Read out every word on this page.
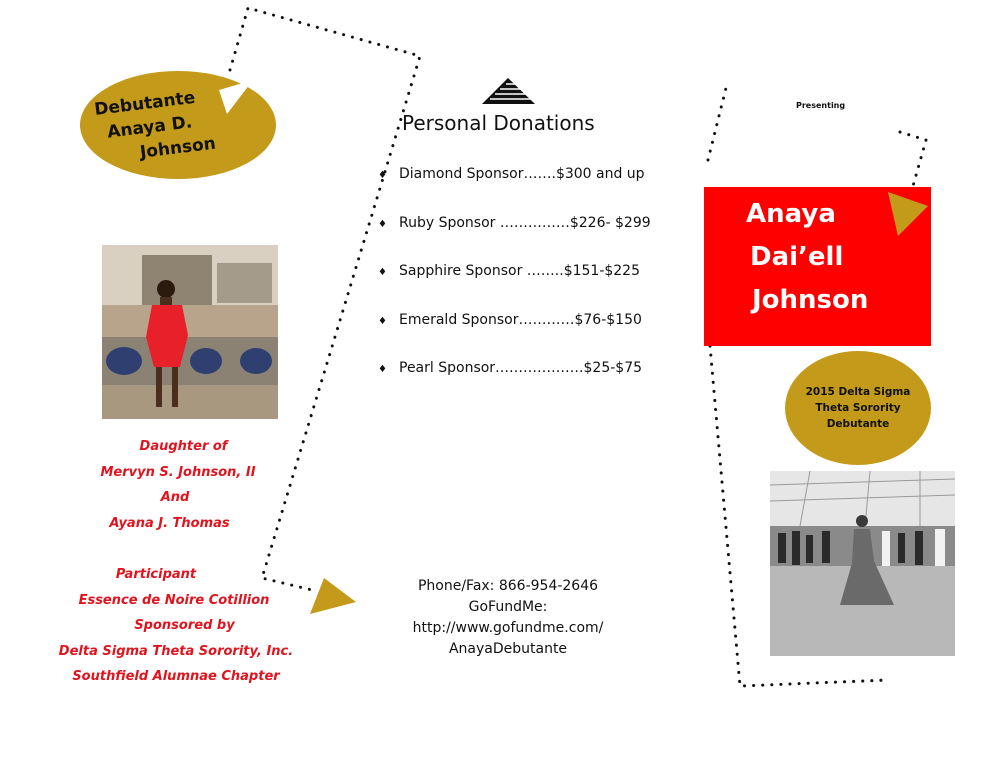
Debutante
Anaya D.
Johnson
Daughter of
Mervyn S. Johnson, II
And
Ayana J. Thomas
Participant
Essence de Noire Cotillion
Sponsored by
Delta Sigma Theta Sorority, Inc.
Southfield Alumnae Chapter
Personal Donations
♦ Diamond Sponsor…….$300 and up
♦ Ruby Sponsor ……………$226- $299
♦ Sapphire Sponsor ……..$151-$225
♦ Emerald Sponsor…………$76-$150
♦ Pearl Sponsor……………….$25-$75
Phone/Fax: 866-954-2646
GoFundMe:
http://www.gofundme.com/
AnayaDebutante
Presenting
Anaya
Dai’ell
Johnson
2015 Delta Sigma
Theta Sorority
Debutante
